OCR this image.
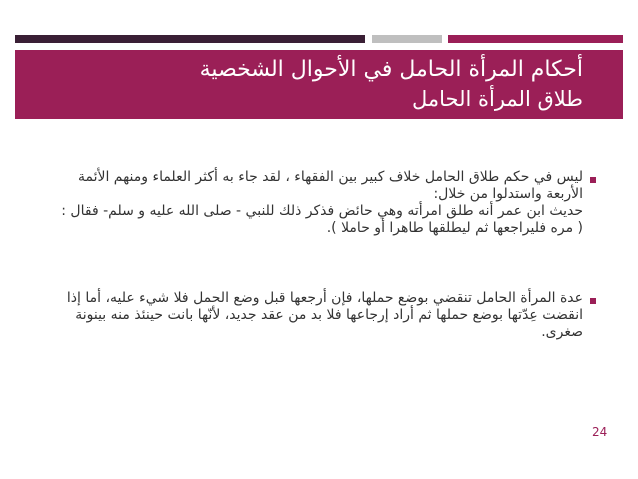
أحكام المرأة الحامل في الأحوال الشخصية
طلاق المرأة الحامل
ليس في حكم طلاق الحامل خلاف كبير بين الفقهاء ، لقد جاء به أكثر العلماء ومنهم الأئمة
الأربعة واستدلوا من خلال:
حديث ابن عمر أنه طلق امرأته وهي حائض فذكر ذلك للنبي - صلى الله عليه و سلم- فقال :
( مره فليراجعها ثم ليطلقها طاهرا أو حاملا ).
عدة المرأة الحامل تنقضي بوضع حملها، فإن أرجعها قبل وضع الحمل فلا شيء عليه، أما إذا
انقضت عِدّتها بوضع حملها ثم أراد إرجاعها فلا بد من عقد جديد، لأنّها بانت حينئذ منه بينونة
صغرى.
24
